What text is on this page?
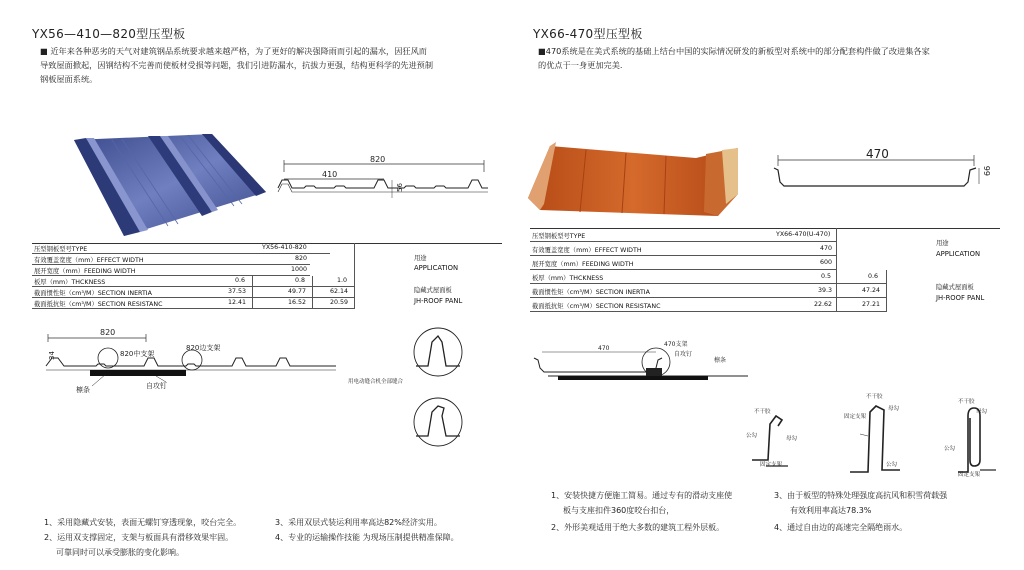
YX56—410—820型压型板
■ 近年来各种恶劣的天气对建筑钢品系统要求越来越严格，为了更好的解决强降雨而引起的漏水，因狂风而
导致屋面掀起，因钢结构不完善而使板材受损等问题，我们引进防漏水，抗拔力更强，结构更科学的先进预制
钢板屋面系统。
820
410
56
压型钢板型号TYPE	YX56-410-820
有效覆盖宽度（mm）EFFECT WIDTH	820
展开宽度（mm）FEEDING WIDTH	1000
板厚（mm）THCKNESS	0.6	0.8	1.0
截面惯性矩（cm³/M）SECTION INERTIA	37.53	49.77	62.14
截面抵抗矩（cm³/M）SECTION RESISTANC	12.41	16.52	20.59
用途
APPLICATION
隐藏式屋面板
JH-ROOF PANL
820
34	820中支架
820边支架
檩条	自攻钉	用电动缝合机全部缝合
1、采用隐藏式安装，表面无螺钉穿透现象，咬台完全。
2、运用双支撑固定，支架与板面具有滑移效果牢固。
可靠同时可以承受膨胀的变化影响。
3、采用双层式装运利用率高达82%经济实用。
4、专业的运输操作技能 为现场压制提供精准保障。
YX66-470型压型板
■470系统是在美式系统的基础上结台中国的实际情况研发的新板型对系统中的部分配套构件做了改进集各家
的优点于一身更加完美.
470
66
压型钢板型号TYPE	YX66-470(U-470)
有效覆盖宽度（mm）EFFECT WIDTH	470
展开宽度（mm）FEEDING WIDTH	600
板厚（mm）THCKNESS	0.5	0.6
截面惯性矩（cm³/M）SECTION INERTIA	39.3	47.24
截面抵抗矩（cm³/M）SECTION RESISTANC	22.62	27.21
用途
APPLICATION
隐藏式屋面板
JH-ROOF PANL
470
470支架
自攻钉
檩条
不干胶
公勾	母勾
固定支架
不干胶
母勾
固定支架
公勾
不干胶
母勾
公勾
固定支架
1、安装快捷方便施工简易。通过专有的滑动支座使
板与支座扣件360度咬台扣台，
2、外形美观适用于绝大多数的建筑工程外层板。
3、由于板型的特殊处理强度高抗风和积雪荷载强
有效利用率高达78.3%
4、通过自由边的高速完全隔绝雨水。
